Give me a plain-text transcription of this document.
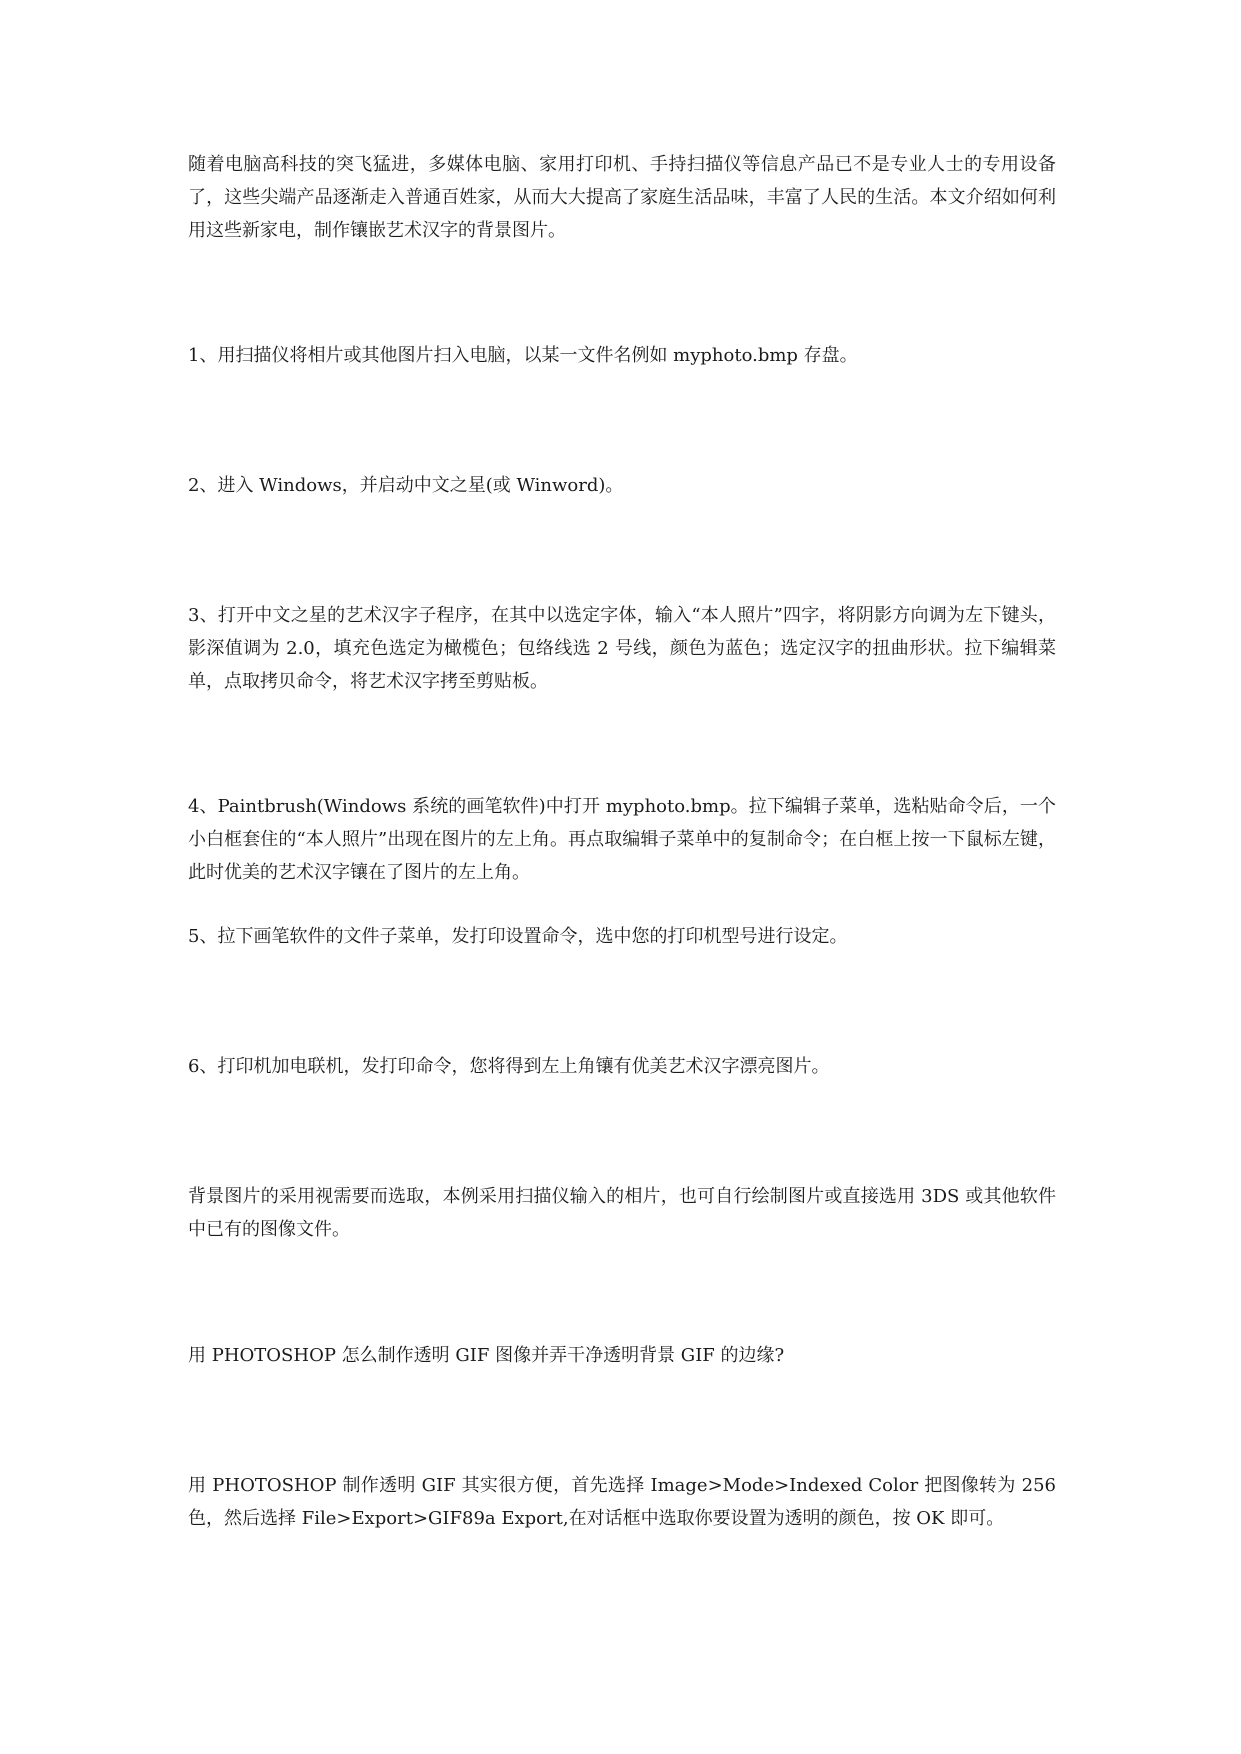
随着电脑高科技的突飞猛进，多媒体电脑、家用打印机、手持扫描仪等信息产品已不是专业人士的专用设备了，这些尖端产品逐渐走入普通百姓家，从而大大提高了家庭生活品味，丰富了人民的生活。本文介绍如何利用这些新家电，制作镶嵌艺术汉字的背景图片。

1、用扫描仪将相片或其他图片扫入电脑，以某一文件名例如 myphoto.bmp 存盘。

2、进入 Windows，并启动中文之星(或 Winword)。

3、打开中文之星的艺术汉字子程序，在其中以选定字体，输入“本人照片”四字，将阴影方向调为左下键头，影深值调为 2.0，填充色选定为橄榄色；包络线选 2 号线，颜色为蓝色；选定汉字的扭曲形状。拉下编辑菜单，点取拷贝命令，将艺术汉字拷至剪贴板。

4、Paintbrush(Windows 系统的画笔软件)中打开 myphoto.bmp。拉下编辑子菜单，选粘贴命令后，一个小白框套住的“本人照片”出现在图片的左上角。再点取编辑子菜单中的复制命令；在白框上按一下鼠标左键，此时优美的艺术汉字镶在了图片的左上角。

5、拉下画笔软件的文件子菜单，发打印设置命令，选中您的打印机型号进行设定。

6、打印机加电联机，发打印命令，您将得到左上角镶有优美艺术汉字漂亮图片。

背景图片的采用视需要而选取，本例采用扫描仪输入的相片，也可自行绘制图片或直接选用 3DS 或其他软件中已有的图像文件。

用 PHOTOSHOP 怎么制作透明 GIF 图像并弄干净透明背景 GIF 的边缘?

用 PHOTOSHOP 制作透明 GIF 其实很方便，首先选择 Image>Mode>Indexed Color 把图像转为 256 色，然后选择 File>Export>GIF89a Export,在对话框中选取你要设置为透明的颜色，按 OK 即可。
